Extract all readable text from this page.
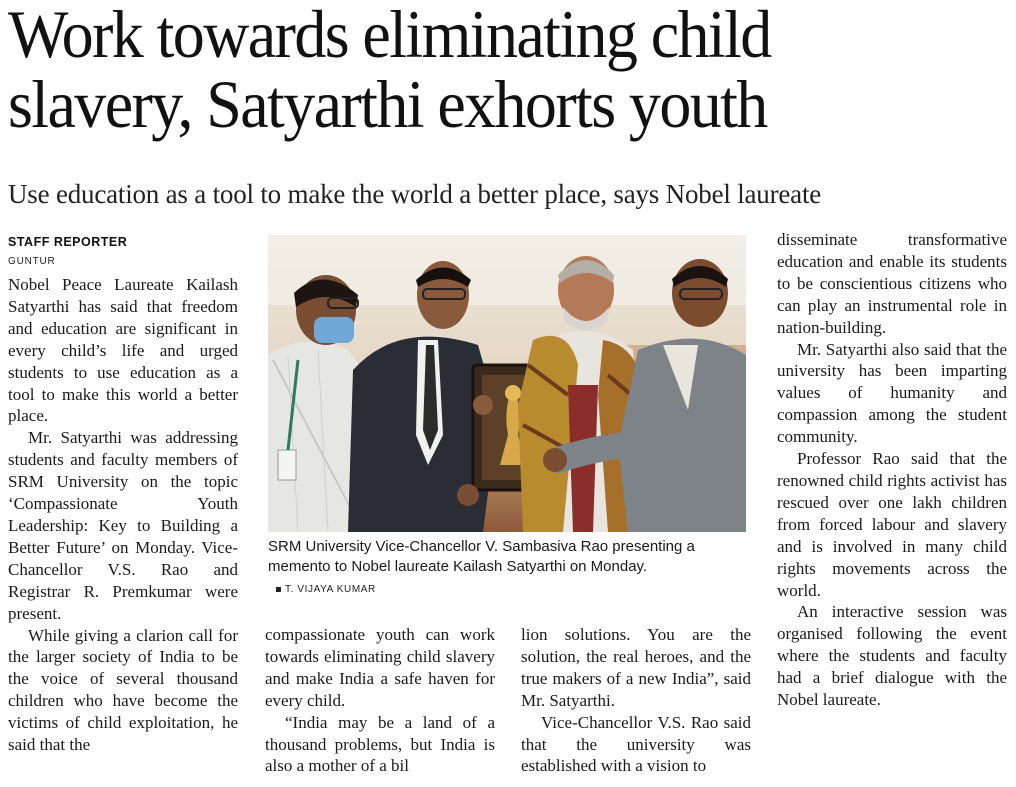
Work towards eliminating child
slavery, Satyarthi exhorts youth
Use education as a tool to make the world a better place, says Nobel laureate
STAFF REPORTER
GUNTUR

Nobel Peace Laureate Kailash Satyarthi has said that freedom and education are significant in every child’s life and urged students to use education as a tool to make this world a better place.

Mr. Satyarthi was addressing students and faculty members of SRM University on the topic ‘Compassionate Youth Leadership: Key to Building a Better Future’ on Monday. Vice-Chancellor V.S. Rao and Registrar R. Premkumar were present.

While giving a clarion call for the larger society of India to be the voice of several thousand children who have become the victims of child exploitation, he said that the

SRM University Vice-Chancellor V. Sambasiva Rao presenting a memento to Nobel laureate Kailash Satyarthi on Monday.
T. VIJAYA KUMAR

compassionate youth can work towards eliminating child slavery and make India a safe haven for every child.

“India may be a land of a thousand problems, but India is also a mother of a bil

lion solutions. You are the solution, the real heroes, and the true makers of a new India”, said Mr. Satyarthi.

Vice-Chancellor V.S. Rao said that the university was established with a vision to

disseminate transformative education and enable its students to be conscientious citizens who can play an instrumental role in nation-building.

Mr. Satyarthi also said that the university has been imparting values of humanity and compassion among the student community.

Professor Rao said that the renowned child rights activist has rescued over one lakh children from forced labour and slavery and is involved in many child rights movements across the world.

An interactive session was organised following the event where the students and faculty had a brief dialogue with the Nobel laureate.
